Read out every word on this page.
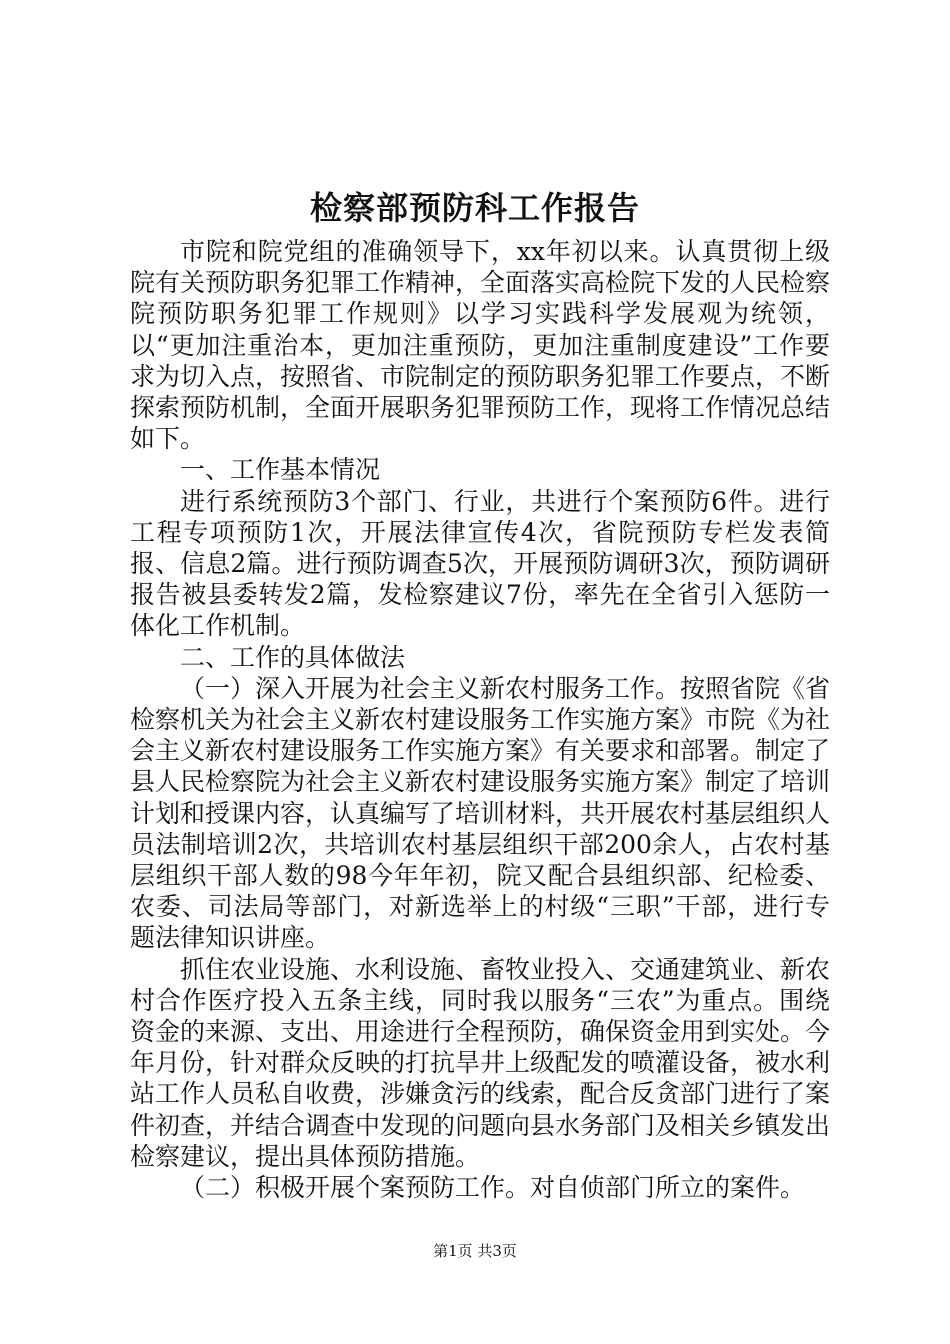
检察部预防科工作报告

市院和院党组的准确领导下，xx年初以来。认真贯彻上级院有关预防职务犯罪工作精神，全面落实高检院下发的人民检察院预防职务犯罪工作规则》以学习实践科学发展观为统领，以“更加注重治本，更加注重预防，更加注重制度建设”工作要求为切入点，按照省、市院制定的预防职务犯罪工作要点，不断探索预防机制，全面开展职务犯罪预防工作，现将工作情况总结如下。

一、工作基本情况

进行系统预防3个部门、行业，共进行个案预防6件。进行工程专项预防1次，开展法律宣传4次，省院预防专栏发表简报、信息2篇。进行预防调查5次，开展预防调研3次，预防调研报告被县委转发2篇，发检察建议7份，率先在全省引入惩防一体化工作机制。

二、工作的具体做法

（一）深入开展为社会主义新农村服务工作。按照省院《省检察机关为社会主义新农村建设服务工作实施方案》市院《为社会主义新农村建设服务工作实施方案》有关要求和部署。制定了县人民检察院为社会主义新农村建设服务实施方案》制定了培训计划和授课内容，认真编写了培训材料，共开展农村基层组织人员法制培训2次，共培训农村基层组织干部200余人，占农村基层组织干部人数的98今年年初，院又配合县组织部、纪检委、农委、司法局等部门，对新选举上的村级“三职”干部，进行专题法律知识讲座。

抓住农业设施、水利设施、畜牧业投入、交通建筑业、新农村合作医疗投入五条主线，同时我以服务“三农”为重点。围绕资金的来源、支出、用途进行全程预防，确保资金用到实处。今年月份，针对群众反映的打抗旱井上级配发的喷灌设备，被水利站工作人员私自收费，涉嫌贪污的线索，配合反贪部门进行了案件初查，并结合调查中发现的问题向县水务部门及相关乡镇发出检察建议，提出具体预防措施。

（二）积极开展个案预防工作。对自侦部门所立的案件。

第1页 共3页
